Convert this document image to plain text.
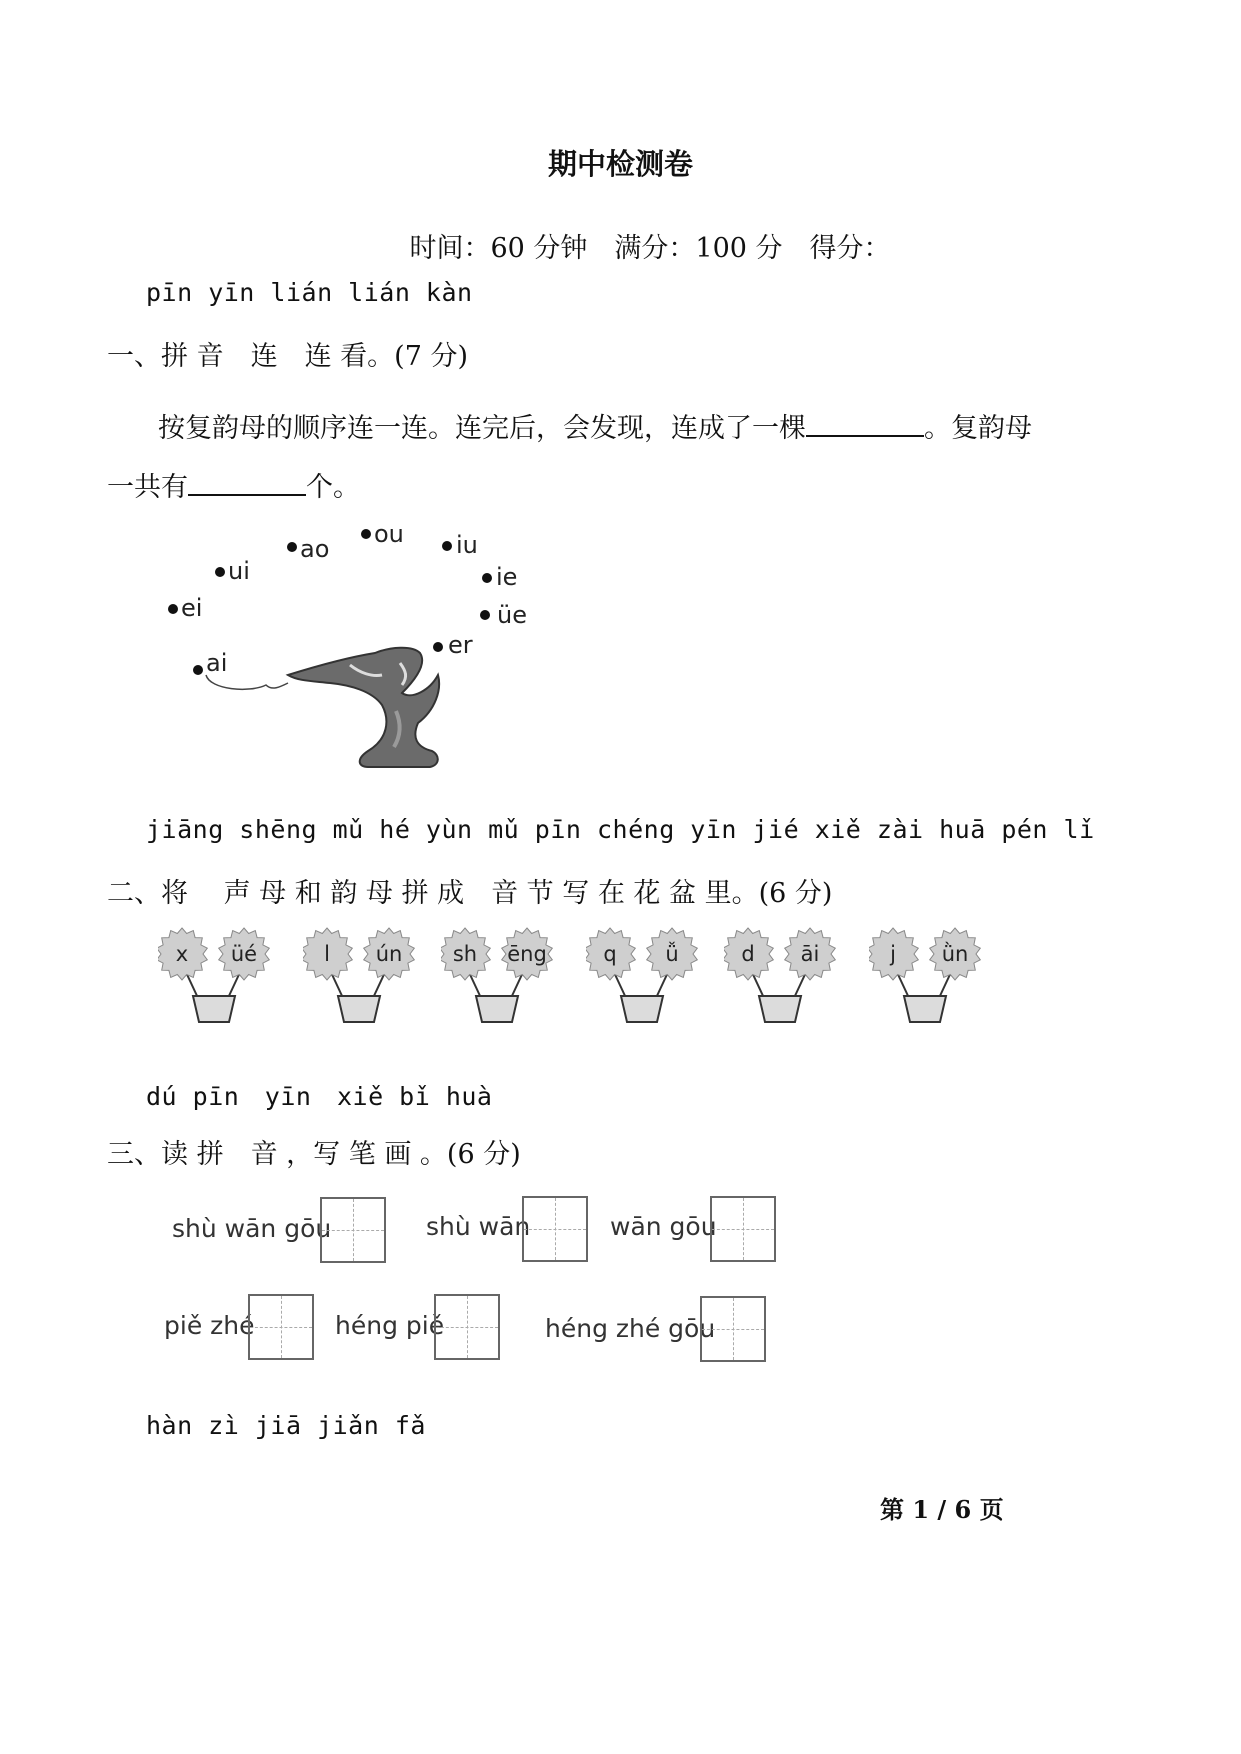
期中检测卷
时间：60 分钟　满分：100 分　得分：
pīn yīn lián lián kàn
一、拼 音　连　连 看。(7 分)
按复韵母的顺序连一连。连完后，会发现，连成了一棵	。复韵母
一共有	个。
ai
ei
ui
ao
ou iu
ie
üe
er
jiāng shēng mǔ hé yùn mǔ pīn chéng yīn jié xiě zài huā pén lǐ
二、将　 声 母 和 韵 母 拼 成　音 节 写 在 花 盆 里。(6 分)
x üé	l ún sh ēng	q ǚ	d āi	j ǜn
dú pīn　yīn　xiě bǐ huà
三、读 拼　音 ，写 笔 画 。(6 分)
shù wān gōu	shù wān	wān gōu
piě zhé	héng piě	héng zhé gōu
hàn zì jiā jiǎn fǎ
第 1 / 6 页
